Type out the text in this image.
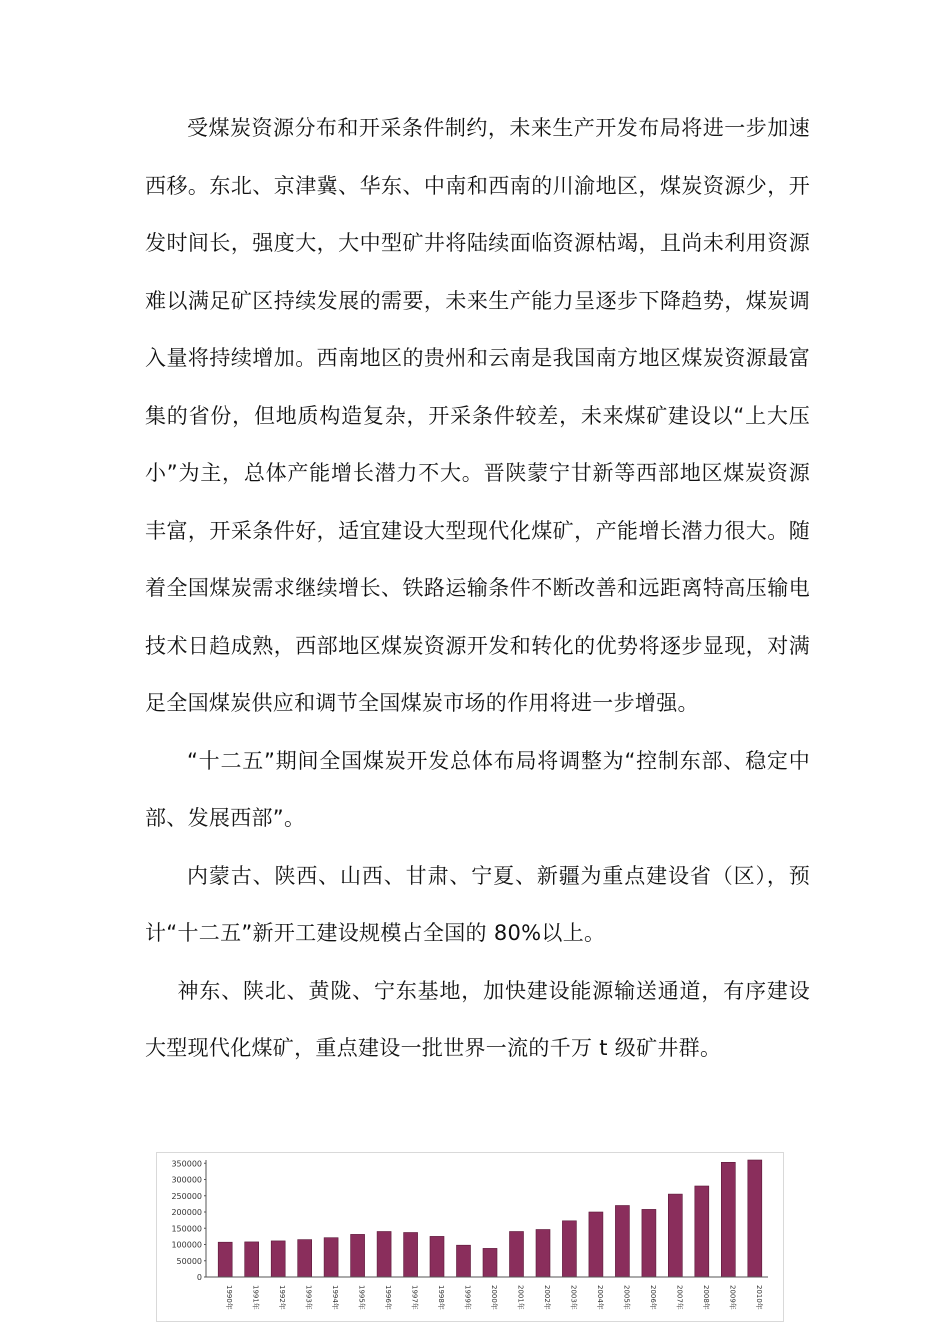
受煤炭资源分布和开采条件制约，未来生产开发布局将进一步加速西移。东北、京津冀、华东、中南和西南的川渝地区，煤炭资源少，开发时间长，强度大，大中型矿井将陆续面临资源枯竭，且尚未利用资源难以满足矿区持续发展的需要，未来生产能力呈逐步下降趋势，煤炭调入量将持续增加。西南地区的贵州和云南是我国南方地区煤炭资源最富集的省份，但地质构造复杂，开采条件较差，未来煤矿建设以“上大压小”为主，总体产能增长潜力不大。晋陕蒙宁甘新等西部地区煤炭资源丰富，开采条件好，适宜建设大型现代化煤矿，产能增长潜力很大。随着全国煤炭需求继续增长、铁路运输条件不断改善和远距离特高压输电技术日趋成熟，西部地区煤炭资源开发和转化的优势将逐步显现，对满足全国煤炭供应和调节全国煤炭市场的作用将进一步增强。

“十二五”期间全国煤炭开发总体布局将调整为“控制东部、稳定中部、发展西部”。

内蒙古、陕西、山西、甘肃、宁夏、新疆为重点建设省（区），预计“十二五”新开工建设规模占全国的 80%以上。

神东、陕北、黄陇、宁东基地，加快建设能源输送通道，有序建设大型现代化煤矿，重点建设一批世界一流的千万 t 级矿井群。

350000
300000
250000
200000
150000
100000
50000
0
1990年	1991年	1992年	1993年	1994年	1995年	1996年	1997年	1998年	1999年	2000年	2001年	2002年	2003年	2004年	2005年	2006年	2007年	2008年	2009年	2010年
